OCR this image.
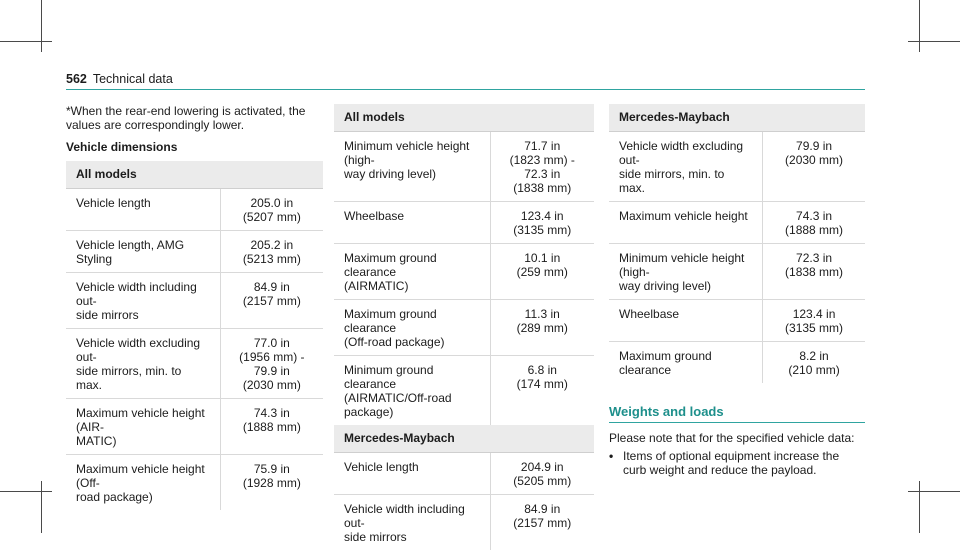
562 Technical data

*When the rear-end lowering is activated, the values are correspondingly lower.

Vehicle dimensions

All models	
Vehicle length	205.0 in
(5207 mm)
Vehicle length, AMG Styling	205.2 in
(5213 mm)
Vehicle width including out-
side mirrors	84.9 in
(2157 mm)
Vehicle width excluding out-
side mirrors, min. to max.	77.0 in
(1956 mm) -
79.9 in
(2030 mm)
Maximum vehicle height (AIR-
MATIC)	74.3 in
(1888 mm)
Maximum vehicle height (Off-
road package)	75.9 in
(1928 mm)
All models	
Minimum vehicle height (high-
way driving level)	71.7 in
(1823 mm) -
72.3 in
(1838 mm)
Wheelbase	123.4 in
(3135 mm)
Maximum ground clearance
(AIRMATIC)	10.1 in
(259 mm)
Maximum ground clearance
(Off-road package)	11.3 in
(289 mm)
Minimum ground clearance
(AIRMATIC/Off-road package)	6.8 in
(174 mm)
Mercedes-Maybach	
Vehicle length	204.9 in
(5205 mm)
Vehicle width including out-
side mirrors	84.9 in
(2157 mm)
Mercedes-Maybach	
Vehicle width excluding out-
side mirrors, min. to max.	79.9 in
(2030 mm)
Maximum vehicle height	74.3 in
(1888 mm)
Minimum vehicle height (high-
way driving level)	72.3 in
(1838 mm)
Wheelbase	123.4 in
(3135 mm)
Maximum ground clearance	8.2 in
(210 mm)
Weights and loads

Please note that for the specified vehicle data:

• Items of optional equipment increase the curb weight and reduce the payload.
